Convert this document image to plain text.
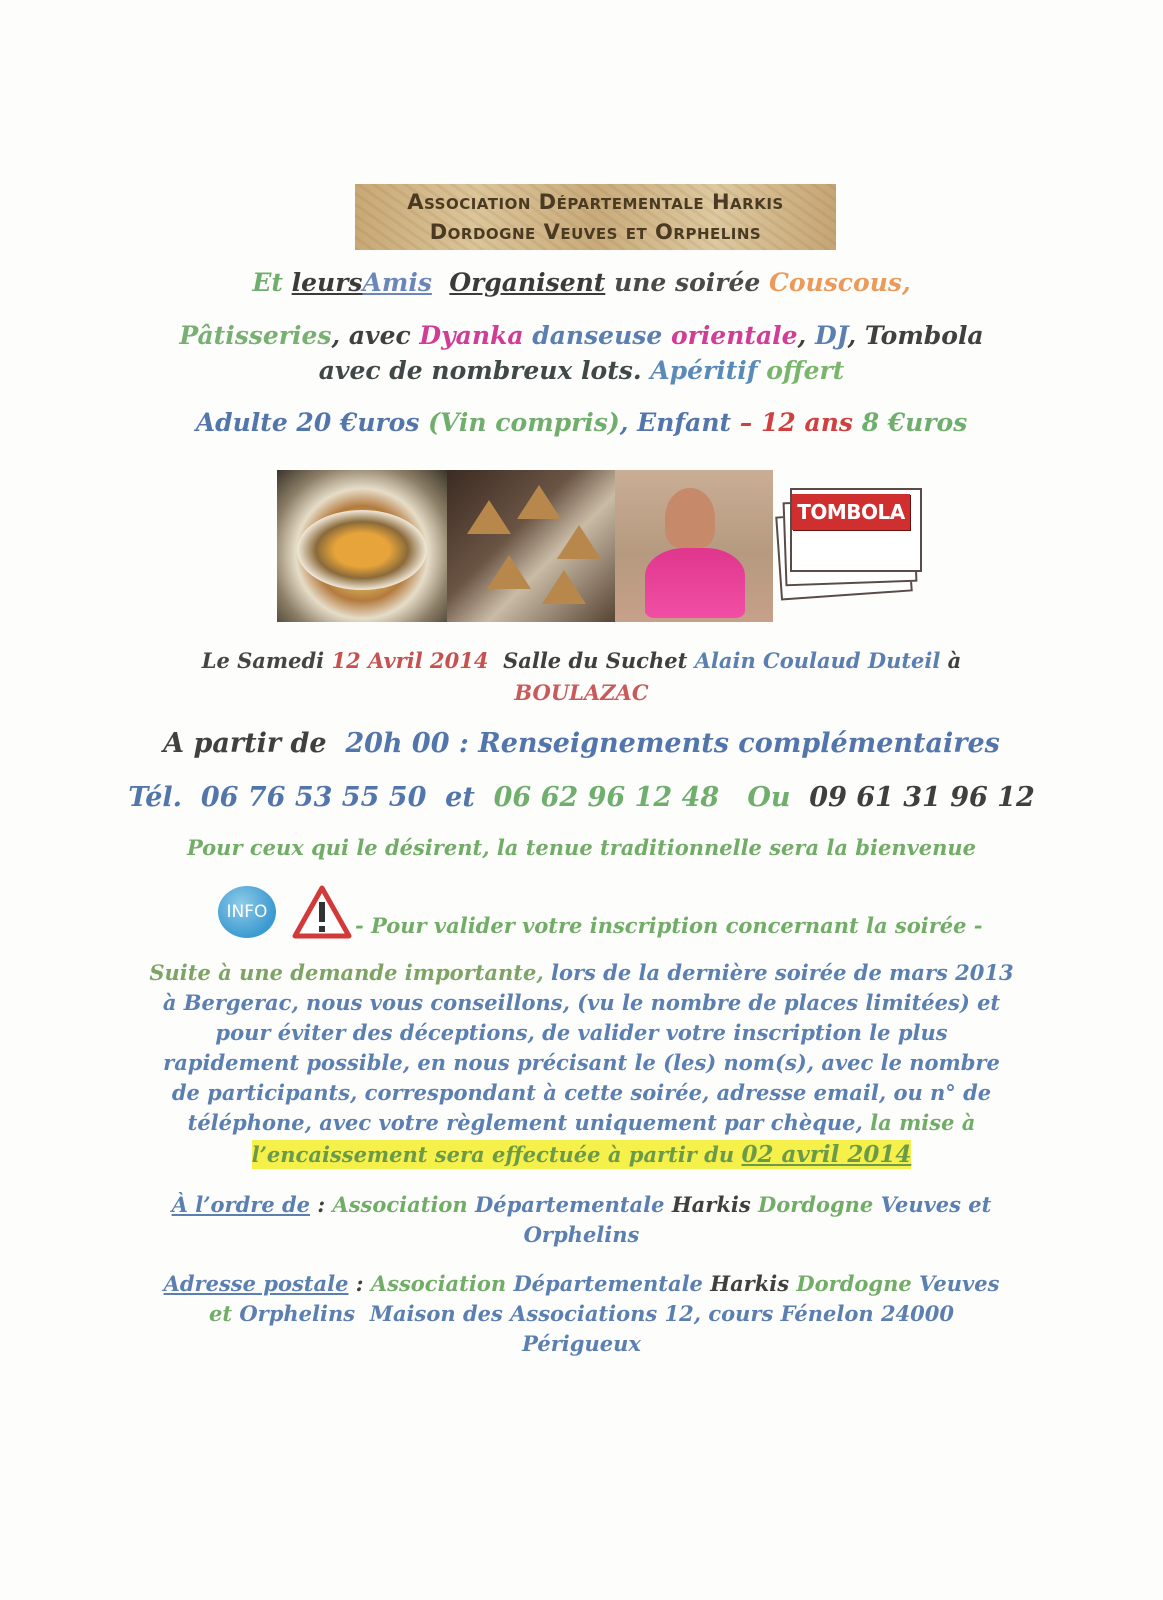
Association Départementale Harkis
Dordogne Veuves et Orphelins
Et leursAmis Organisent une soirée Couscous,
Pâtisseries, avec Dyanka danseuse orientale, DJ, Tombola
avec de nombreux lots. Apéritif offert
Adulte 20 €uros (Vin compris), Enfant – 12 ans 8 €uros
TOMBOLA
Le Samedi 12 Avril 2014 Salle du Suchet Alain Coulaud Duteil à
BOULAZAC
A partir de 20h 00 : Renseignements complémentaires
Tél. 06 76 53 55 50 et 06 62 96 12 48 Ou 09 61 31 96 12
Pour ceux qui le désirent, la tenue traditionnelle sera la bienvenue
INFO
- Pour valider votre inscription concernant la soirée -
Suite à une demande importante, lors de la dernière soirée de mars 2013
à Bergerac, nous vous conseillons, (vu le nombre de places limitées) et
pour éviter des déceptions, de valider votre inscription le plus
rapidement possible, en nous précisant le (les) nom(s), avec le nombre
de participants, correspondant à cette soirée, adresse email, ou n° de
téléphone, avec votre règlement uniquement par chèque, la mise à
l’encaissement sera effectuée à partir du 02 avril 2014
À l’ordre de : Association Départementale Harkis Dordogne Veuves et
Orphelins
Adresse postale : Association Départementale Harkis Dordogne Veuves
et Orphelins Maison des Associations 12, cours Fénelon 24000
Périgueux
